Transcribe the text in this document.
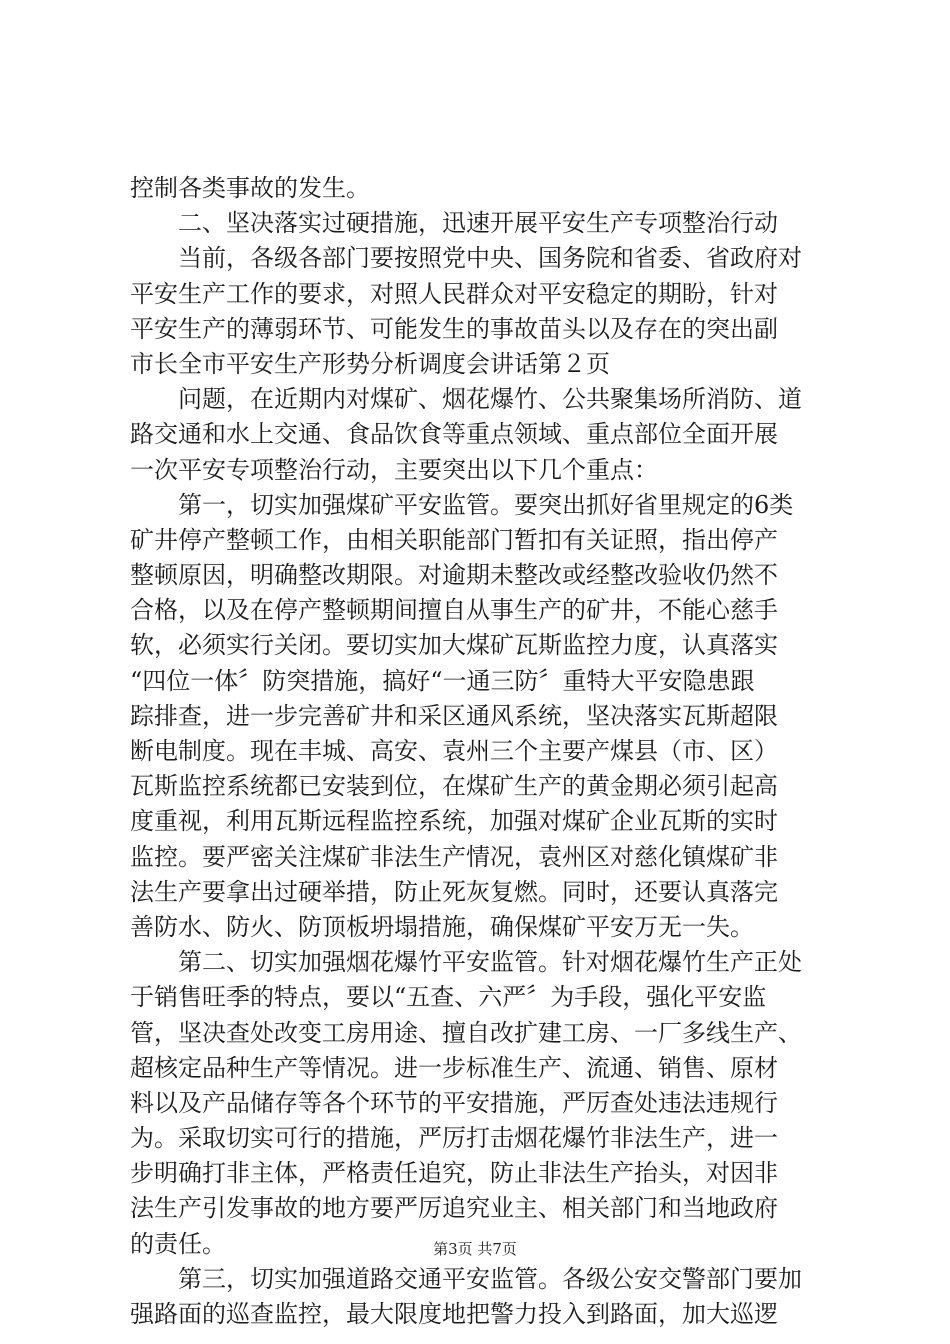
控制各类事故的发生。
　　二、坚决落实过硬措施，迅速开展平安生产专项整治行动
　　当前，各级各部门要按照党中央、国务院和省委、省政府对
平安生产工作的要求，对照人民群众对平安稳定的期盼，针对
平安生产的薄弱环节、可能发生的事故苗头以及存在的突出副
市长全市平安生产形势分析调度会讲话第２页
　　问题，在近期内对煤矿、烟花爆竹、公共聚集场所消防、道
路交通和水上交通、食品饮食等重点领域、重点部位全面开展
一次平安专项整治行动，主要突出以下几个重点：
　　第一，切实加强煤矿平安监管。要突出抓好省里规定的6类
矿井停产整顿工作，由相关职能部门暂扣有关证照，指出停产
整顿原因，明确整改期限。对逾期未整改或经整改验收仍然不
合格，以及在停产整顿期间擅自从事生产的矿井，不能心慈手
软，必须实行关闭。要切实加大煤矿瓦斯监控力度，认真落实
“四位一体〞防突措施，搞好“一通三防〞重特大平安隐患跟
踪排查，进一步完善矿井和采区通风系统，坚决落实瓦斯超限
断电制度。现在丰城、高安、袁州三个主要产煤县（市、区）
瓦斯监控系统都已安装到位，在煤矿生产的黄金期必须引起高
度重视，利用瓦斯远程监控系统，加强对煤矿企业瓦斯的实时
监控。要严密关注煤矿非法生产情况，袁州区对慈化镇煤矿非
法生产要拿出过硬举措，防止死灰复燃。同时，还要认真落完
善防水、防火、防顶板坍塌措施，确保煤矿平安万无一失。
　　第二、切实加强烟花爆竹平安监管。针对烟花爆竹生产正处
于销售旺季的特点，要以“五查、六严〞为手段，强化平安监
管，坚决查处改变工房用途、擅自改扩建工房、一厂多线生产、
超核定品种生产等情况。进一步标准生产、流通、销售、原材
料以及产品储存等各个环节的平安措施，严厉查处违法违规行
为。采取切实可行的措施，严厉打击烟花爆竹非法生产，进一
步明确打非主体，严格责任追究，防止非法生产抬头，对因非
法生产引发事故的地方要严厉追究业主、相关部门和当地政府
的责任。
　　第三，切实加强道路交通平安监管。各级公安交警部门要加
强路面的巡查监控，最大限度地把警力投入到路面，加大巡逻
第3页 共7页
